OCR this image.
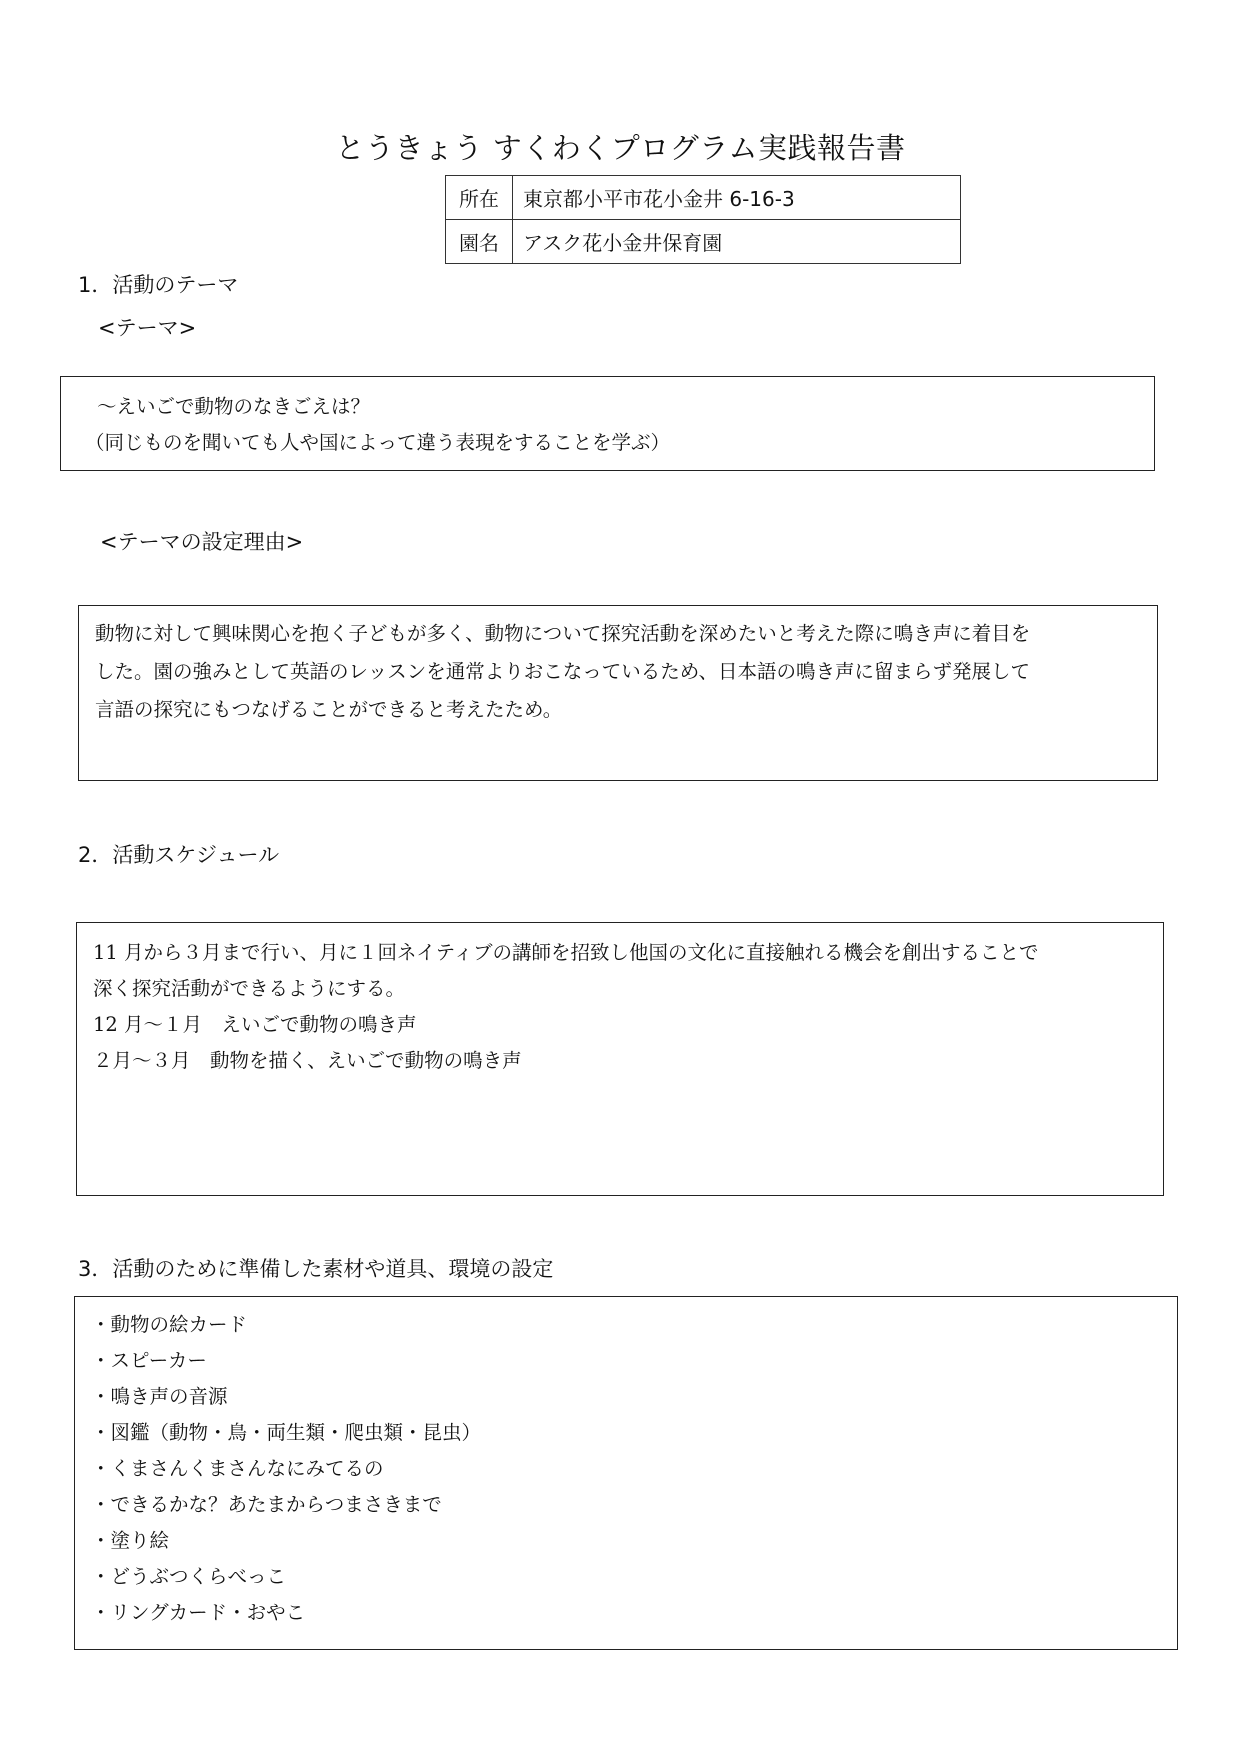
とうきょう すくわくプログラム実践報告書
所在	東京都小平市花小金井 6-16-3
園名	アスク花小金井保育園
1．活動のテーマ
<テーマ>
～えいごで動物のなきごえは？
（同じものを聞いても人や国によって違う表現をすることを学ぶ）
<テーマの設定理由>
動物に対して興味関心を抱く子どもが多く、動物について探究活動を深めたいと考えた際に鳴き声に着目を
した。園の強みとして英語のレッスンを通常よりおこなっているため、日本語の鳴き声に留まらず発展して
言語の探究にもつなげることができると考えたため。
2．活動スケジュール
11 月から３月まで行い、月に１回ネイティブの講師を招致し他国の文化に直接触れる機会を創出することで
深く探究活動ができるようにする。
12 月～１月　えいごで動物の鳴き声
２月～３月　動物を描く、えいごで動物の鳴き声
3．活動のために準備した素材や道具、環境の設定
・動物の絵カード
・スピーカー
・鳴き声の音源
・図鑑（動物・鳥・両生類・爬虫類・昆虫）
・くまさんくまさんなにみてるの
・できるかな？あたまからつまさきまで
・塗り絵
・どうぶつくらべっこ
・リングカード・おやこ
